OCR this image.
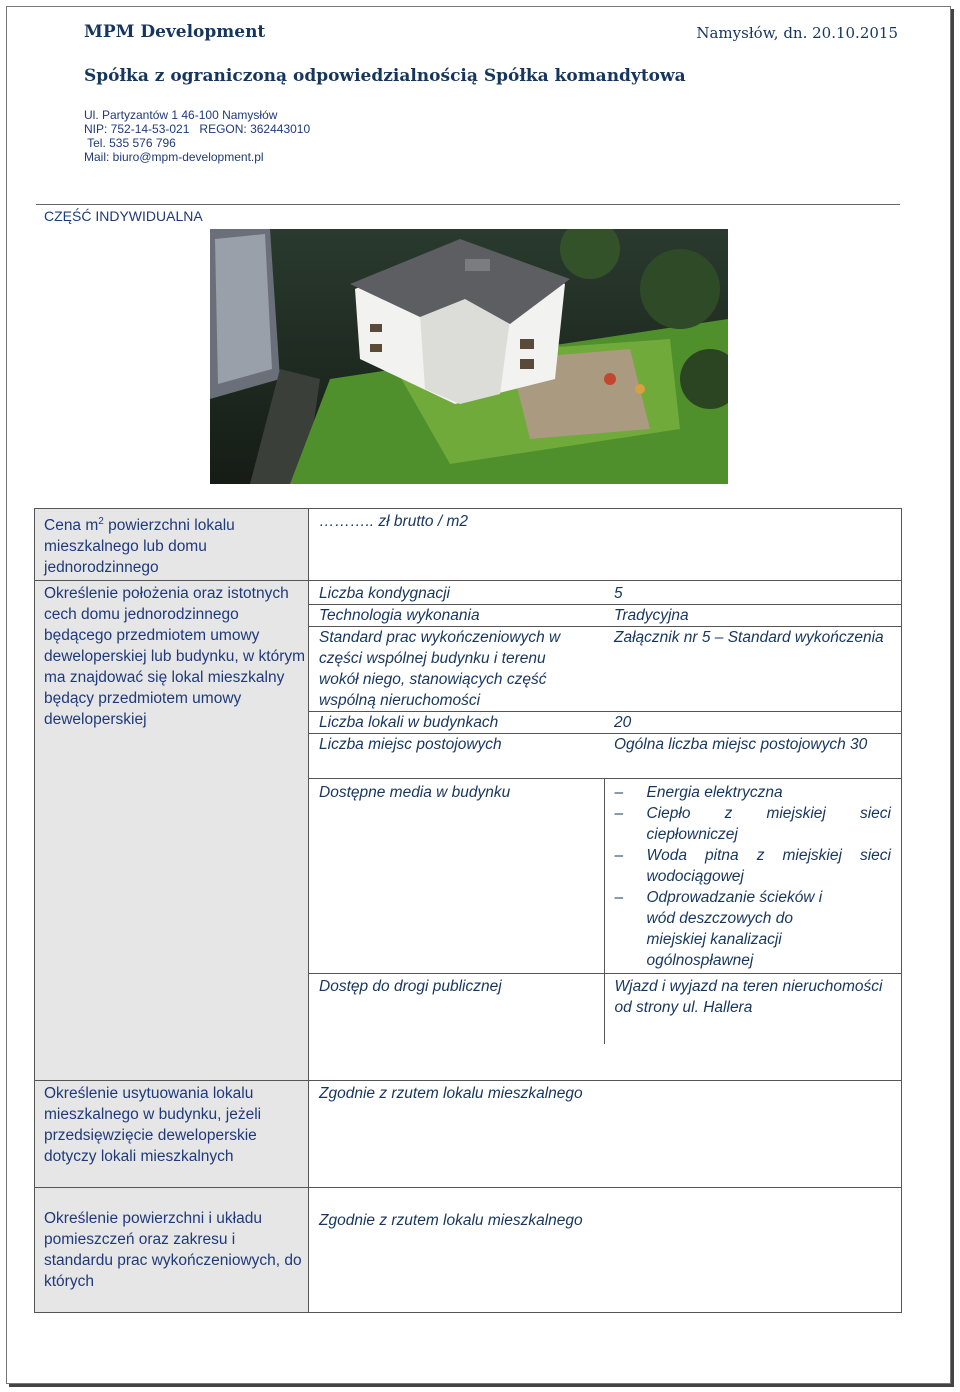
MPM Development	Namysłów, dn. 20.10.2015
Spółka z ograniczoną odpowiedzialnością Spółka komandytowa
Ul. Partyzantów 1 46-100 Namysłów
NIP: 752-14-53-021   REGON: 362443010
Tel. 535 576 796
Mail: biuro@mpm-development.pl
CZĘŚĆ INDYWIDUALNA
Cena $m^2$ powierzchni lokalu mieszkalnego lub domu jednorodzinnego	……….. zł brutto / m2
Określenie położenia oraz istotnych cech domu jednorodzinnego będącego przedmiotem umowy deweloperskiej lub budynku, w którym ma znajdować się lokal mieszkalny będący przedmiotem umowy deweloperskiej	
Liczba kondygnacji	5
Technologia wykonania	Tradycyjna
Standard prac wykończeniowych w części wspólnej budynku i terenu wokół niego, stanowiących część wspólną nieruchomości	Załącznik nr 5 – Standard wykończenia
Liczba lokali w budynkach	20
Liczba miejsc postojowych	Ogólna liczba miejsc postojowych 30
Dostępne media w budynku	–	Energia elektryczna
–	Ciepło z miejskiej sieci ciepłowniczej
–	Woda pitna z miejskiej sieci wodociągowej
–	Odprowadzanie ścieków i wód deszczowych do miejskiej kanalizacji ogólnospławnej

Dostęp do drogi publicznej	Wjazd i wyjazd na teren nieruchomości od strony ul. Hallera

Określenie usytuowania lokalu mieszkalnego w budynku, jeżeli przedsięwzięcie deweloperskie dotyczy lokali mieszkalnych	Zgodnie z rzutem lokalu mieszkalnego
Określenie powierzchni i układu pomieszczeń oraz zakresu i standardu prac wykończeniowych, do których	Zgodnie z rzutem lokalu mieszkalnego
